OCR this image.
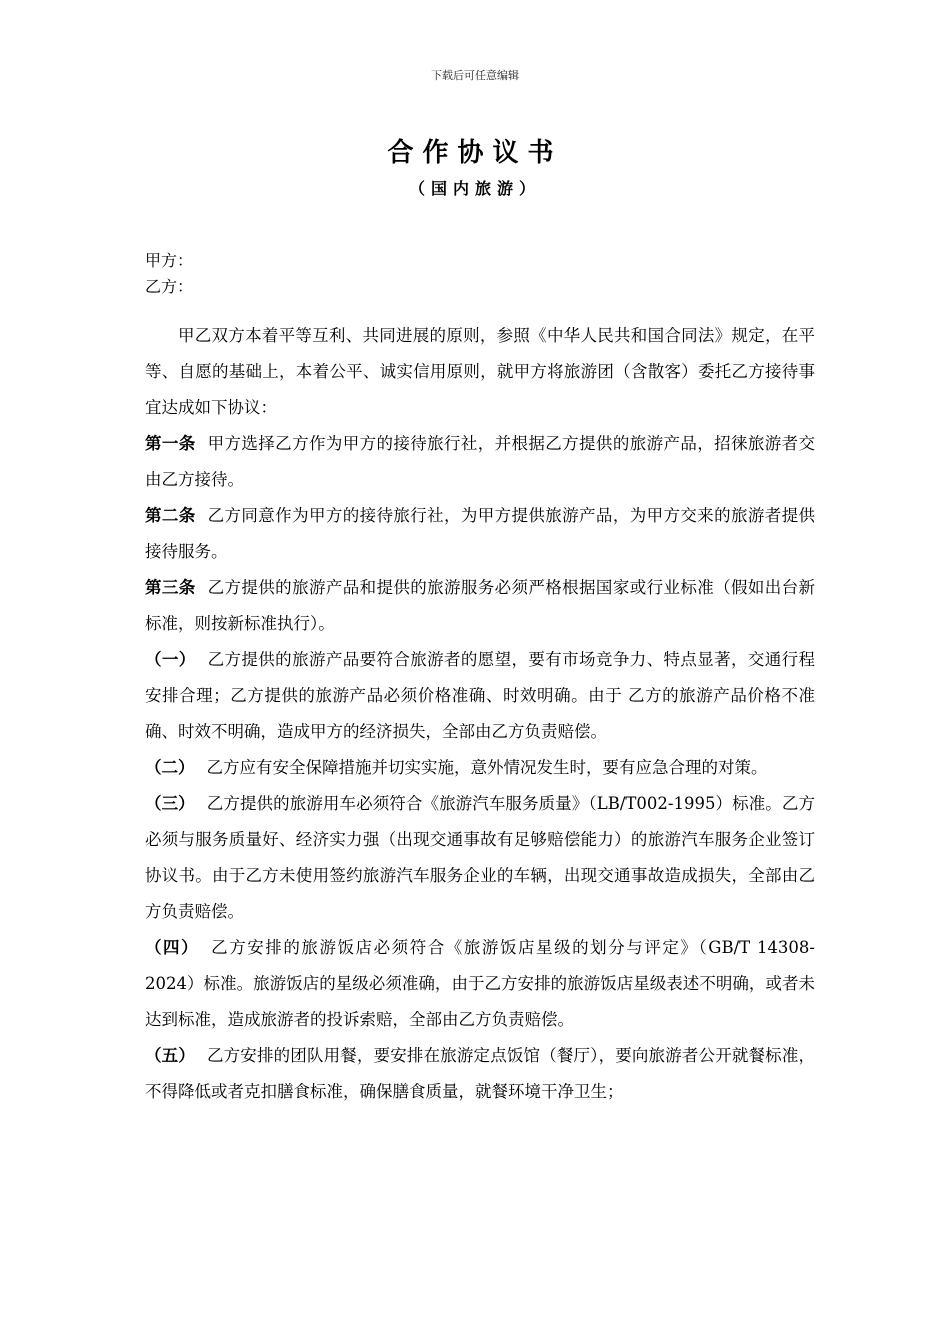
下载后可任意编辑
合作协议书
（国内旅游）
甲方：
乙方：

甲乙双方本着平等互利、共同进展的原则，参照《中华人民共和国合同法》规定，在平等、自愿的基础上，本着公平、诚实信用原则，就甲方将旅游团（含散客）委托乙方接待事宜达成如下协议：

第一条 甲方选择乙方作为甲方的接待旅行社，并根据乙方提供的旅游产品，招徕旅游者交由乙方接待。

第二条 乙方同意作为甲方的接待旅行社，为甲方提供旅游产品，为甲方交来的旅游者提供接待服务。

第三条 乙方提供的旅游产品和提供的旅游服务必须严格根据国家或行业标准（假如出台新标准，则按新标准执行）。

（一） 乙方提供的旅游产品要符合旅游者的愿望，要有市场竞争力、特点显著，交通行程安排合理；乙方提供的旅游产品必须价格准确、时效明确。由于 乙方的旅游产品价格不准确、时效不明确，造成甲方的经济损失，全部由乙方负责赔偿。

（二） 乙方应有安全保障措施并切实实施，意外情况发生时，要有应急合理的对策。

（三） 乙方提供的旅游用车必须符合《旅游汽车服务质量》（LB/T002-1995）标准。乙方必须与服务质量好、经济实力强（出现交通事故有足够赔偿能力）的旅游汽车服务企业签订协议书。由于乙方未使用签约旅游汽车服务企业的车辆，出现交通事故造成损失，全部由乙方负责赔偿。

（四） 乙方安排的旅游饭店必须符合《旅游饭店星级的划分与评定》（GB/T 14308-2024）标准。旅游饭店的星级必须准确，由于乙方安排的旅游饭店星级表述不明确，或者未达到标准，造成旅游者的投诉索赔，全部由乙方负责赔偿。

（五） 乙方安排的团队用餐，要安排在旅游定点饭馆（餐厅），要向旅游者公开就餐标准，不得降低或者克扣膳食标准，确保膳食质量，就餐环境干净卫生；
